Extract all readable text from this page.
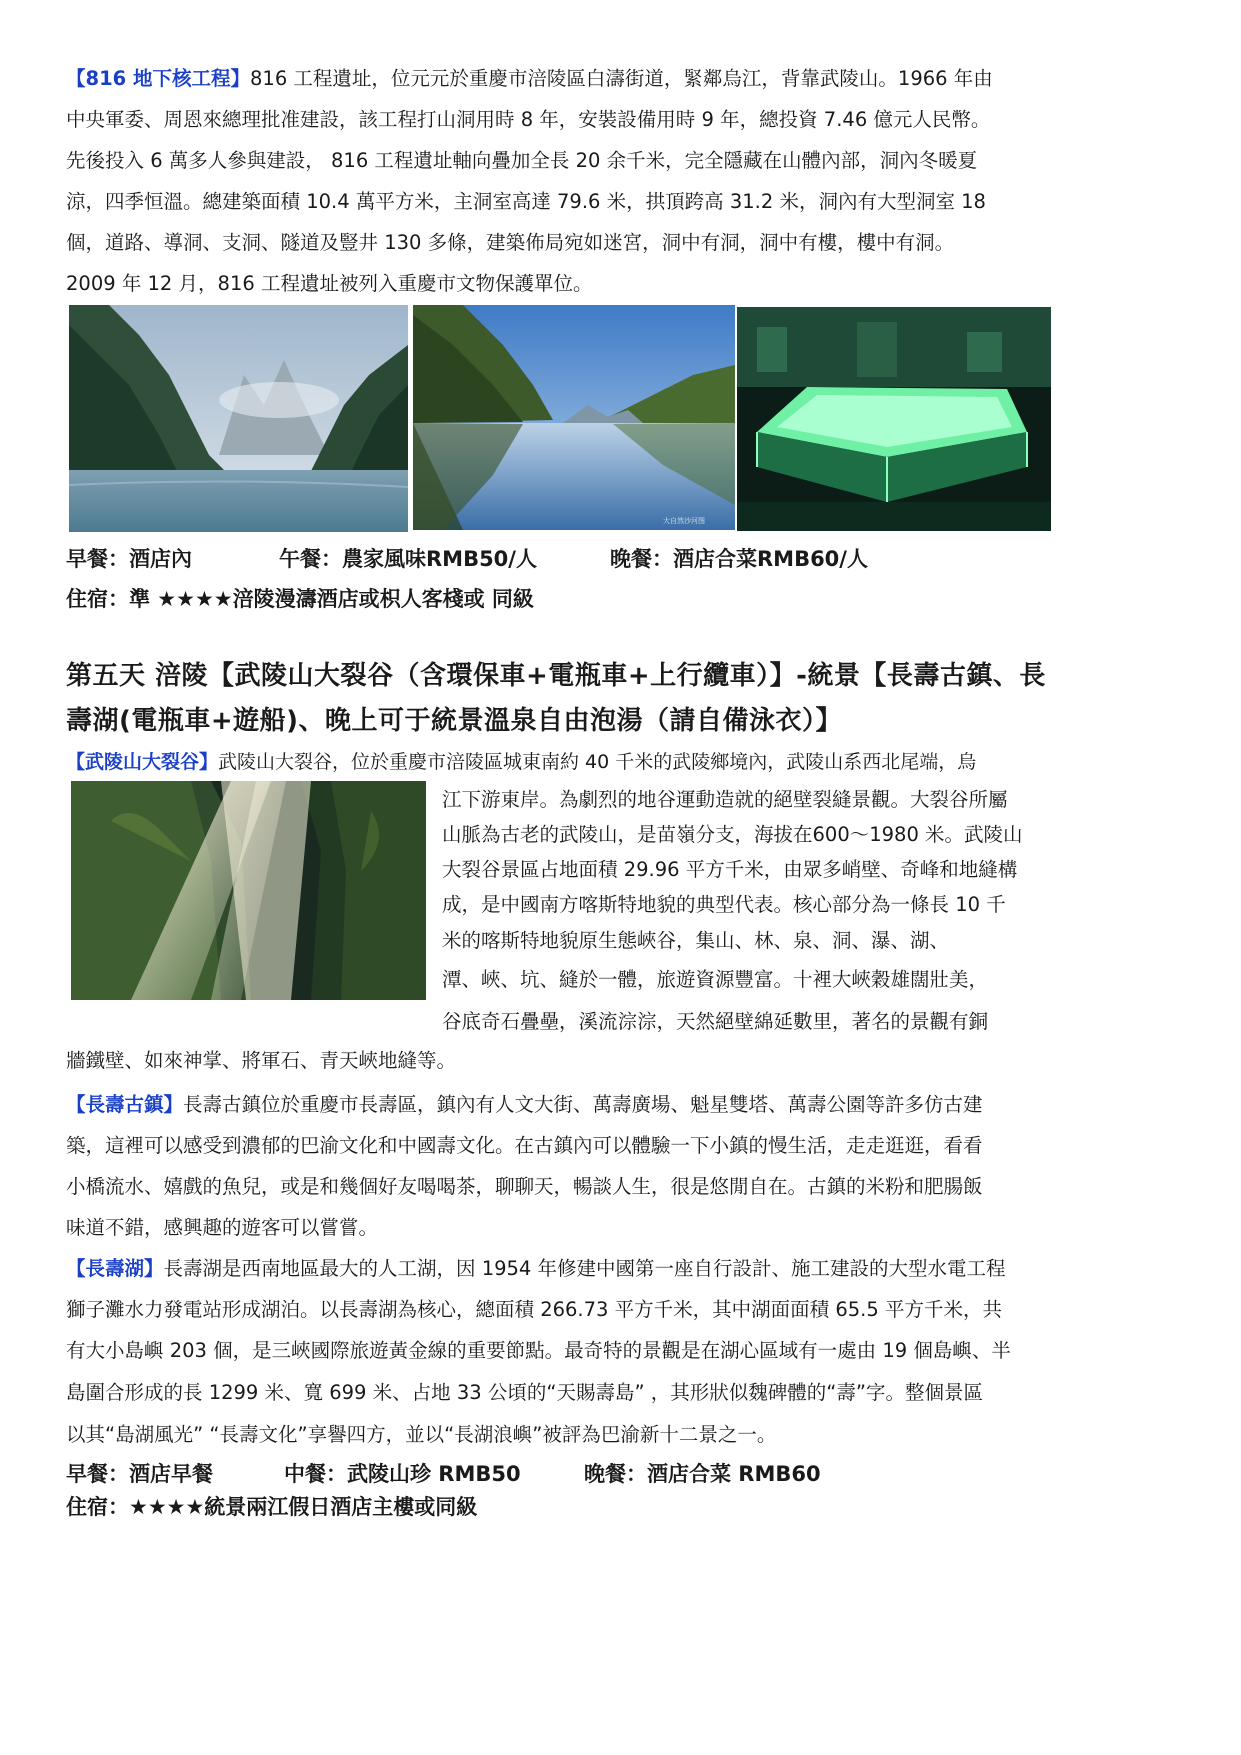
【816 地下核工程】816 工程遺址，位元元於重慶市涪陵區白濤街道，緊鄰烏江，背靠武陵山。1966 年由
中央軍委、周恩來總理批准建設，該工程打山洞用時 8 年，安裝設備用時 9 年，總投資 7.46 億元人民幣。
先後投入 6 萬多人參與建設， 816 工程遺址軸向疊加全長 20 余千米，完全隱藏在山體內部，洞內冬暖夏
涼，四季恒溫。總建築面積 10.4 萬平方米，主洞室高達 79.6 米，拱頂跨高 31.2 米，洞內有大型洞室 18
個，道路、導洞、支洞、隧道及豎井 130 多條，建築佈局宛如迷宮，洞中有洞，洞中有樓，樓中有洞。
2009 年 12 月，816 工程遺址被列入重慶市文物保護單位。
大自然沙河图
早餐：酒店內	午餐：農家風味RMB50/人	晚餐：酒店合菜RMB60/人
住宿：準 ★★★★涪陵漫濤酒店或枳人客棧或 同級
第五天 涪陵【武陵山大裂谷（含環保車+電瓶車+上行纜車）】-統景【長壽古鎮、長
壽湖(電瓶車+遊船)、晚上可于統景溫泉自由泡湯（請自備泳衣）】
【武陵山大裂谷】武陵山大裂谷，位於重慶市涪陵區城東南約 40 千米的武陵鄉境內，武陵山系西北尾端，烏
江下游東岸。為劇烈的地谷運動造就的絕壁裂縫景觀。大裂谷所屬
山脈為古老的武陵山，是苗嶺分支，海拔在600～1980 米。武陵山
大裂谷景區占地面積 29.96 平方千米，由眾多峭壁、奇峰和地縫構
成，是中國南方喀斯特地貌的典型代表。核心部分為一條長 10 千
米的喀斯特地貌原生態峽谷，集山、林、泉、洞、瀑、湖、
潭、峽、坑、縫於一體，旅遊資源豐富。十裡大峽穀雄闊壯美，
谷底奇石疊壘，溪流淙淙，天然絕壁綿延數里，著名的景觀有銅
牆鐵壁、如來神掌、將軍石、青天峽地縫等。
【長壽古鎮】長壽古鎮位於重慶市長壽區，鎮內有人文大街、萬壽廣場、魁星雙塔、萬壽公園等許多仿古建
築，這裡可以感受到濃郁的巴渝文化和中國壽文化。在古鎮內可以體驗一下小鎮的慢生活，走走逛逛，看看
小橋流水、嬉戲的魚兒，或是和幾個好友喝喝茶，聊聊天，暢談人生，很是悠閒自在。古鎮的米粉和肥腸飯
味道不錯，感興趣的遊客可以嘗嘗。
【長壽湖】長壽湖是西南地區最大的人工湖，因 1954 年修建中國第一座自行設計、施工建設的大型水電工程
獅子灘水力發電站形成湖泊。以長壽湖為核心，總面積 266.73 平方千米，其中湖面面積 65.5 平方千米，共
有大小島嶼 203 個，是三峽國際旅遊黃金線的重要節點。最奇特的景觀是在湖心區域有一處由 19 個島嶼、半
島圍合形成的長 1299 米、寬 699 米、占地 33 公頃的“天賜壽島” ，其形狀似魏碑體的“壽”字。整個景區
以其“島湖風光” “長壽文化”享譽四方，並以“長湖浪嶼”被評為巴渝新十二景之一。
早餐：酒店早餐	中餐：武陵山珍 RMB50	晚餐：酒店合菜 RMB60
住宿：★★★★統景兩江假日酒店主樓或同級
